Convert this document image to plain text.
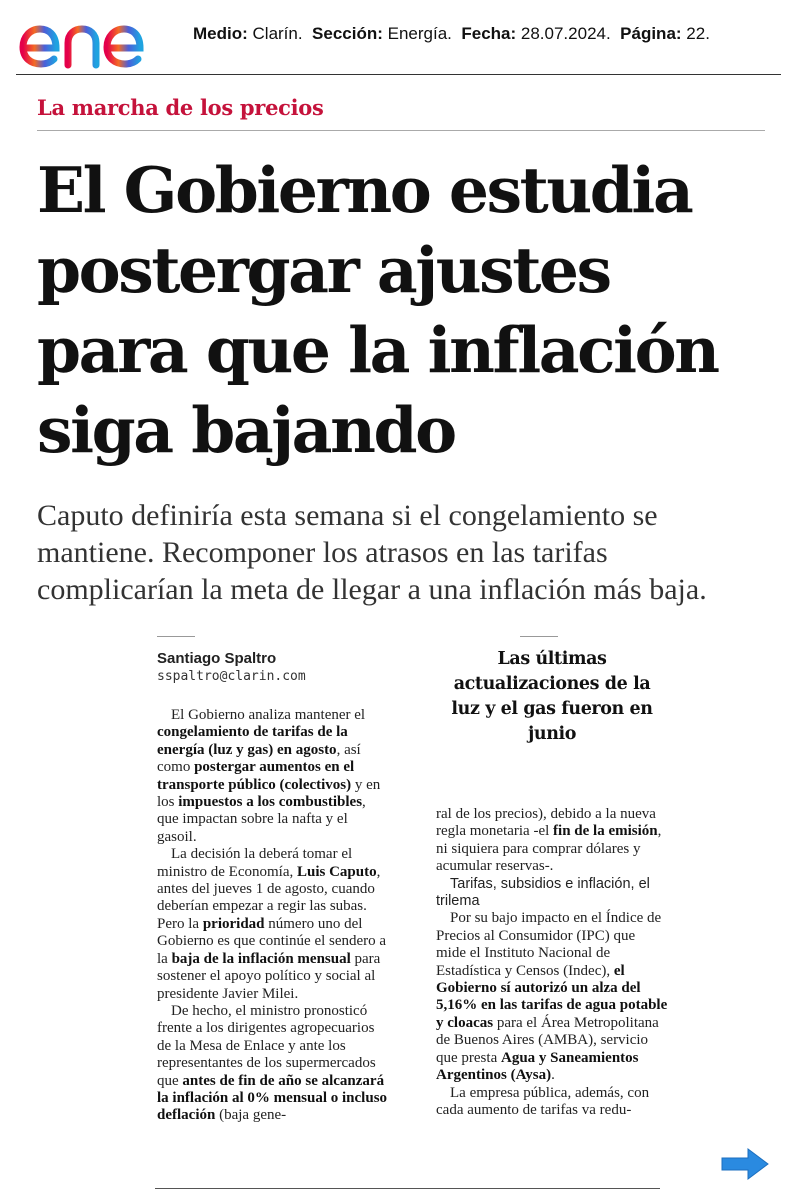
Medio: Clarín. Sección: Energía. Fecha: 28.07.2024. Página: 22.
La marcha de los precios
El Gobierno estudia
postergar ajustes
para que la inflación
siga bajando
Caputo definiría esta semana si el congelamiento se
mantiene. Recomponer los atrasos en las tarifas
complicarían la meta de llegar a una inflación más baja.
Santiago Spaltro
sspaltro@clarin.com
Las últimas
actualizaciones de la
luz y el gas fueron en
junio

El Gobierno analiza mantener el congelamiento de tarifas de la energía (luz y gas) en agosto, así como postergar aumentos en el transporte público (colectivos) y en los impuestos a los combustibles, que impactan sobre la nafta y el gasoil.

La decisión la deberá tomar el ministro de Economía, Luis Caputo, antes del jueves 1 de agosto, cuando deberían empezar a regir las subas. Pero la prioridad número uno del Gobierno es que continúe el sendero a la baja de la inflación mensual para sostener el apoyo político y social al presidente Javier Milei.

De hecho, el ministro pronosticó frente a los dirigentes agropecuarios de la Mesa de Enlace y ante los representantes de los supermercados que antes de fin de año se alcanzará la inflación al 0% mensual o incluso deflación (baja gene-

ral de los precios), debido a la nueva regla monetaria -el fin de la emisión, ni siquiera para comprar dólares y acumular reservas-.

Tarifas, subsidios e inflación, el trilema

Por su bajo impacto en el Índice de Precios al Consumidor (IPC) que mide el Instituto Nacional de Estadística y Censos (Indec), el Gobierno sí autorizó un alza del 5,16% en las tarifas de agua potable y cloacas para el Área Metropolitana de Buenos Aires (AMBA), servicio que presta Agua y Saneamientos Argentinos (Aysa).

La empresa pública, además, con cada aumento de tarifas va redu-
